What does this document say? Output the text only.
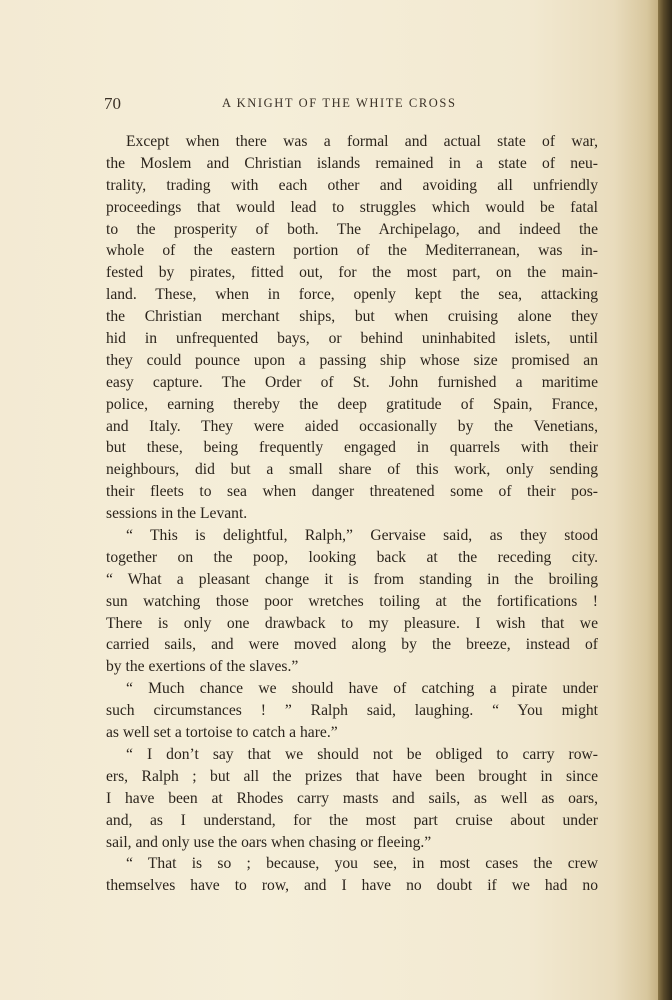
70	A KNIGHT OF THE WHITE CROSS
Except when there was a formal and actual state of war,
the Moslem and Christian islands remained in a state of neu-
trality, trading with each other and avoiding all unfriendly
proceedings that would lead to struggles which would be fatal
to the prosperity of both. The Archipelago, and indeed the
whole of the eastern portion of the Mediterranean, was in-
fested by pirates, fitted out, for the most part, on the main-
land. These, when in force, openly kept the sea, attacking
the Christian merchant ships, but when cruising alone they
hid in unfrequented bays, or behind uninhabited islets, until
they could pounce upon a passing ship whose size promised an
easy capture. The Order of St. John furnished a maritime
police, earning thereby the deep gratitude of Spain, France,
and Italy. They were aided occasionally by the Venetians,
but these, being frequently engaged in quarrels with their
neighbours, did but a small share of this work, only sending
their fleets to sea when danger threatened some of their pos-
sessions in the Levant.
“ This is delightful, Ralph,” Gervaise said, as they stood
together on the poop, looking back at the receding city.
“ What a pleasant change it is from standing in the broiling
sun watching those poor wretches toiling at the fortifications !
There is only one drawback to my pleasure. I wish that we
carried sails, and were moved along by the breeze, instead of
by the exertions of the slaves.”
“ Much chance we should have of catching a pirate under
such circumstances ! ” Ralph said, laughing. “ You might
as well set a tortoise to catch a hare.”
“ I don’t say that we should not be obliged to carry row-
ers, Ralph ; but all the prizes that have been brought in since
I have been at Rhodes carry masts and sails, as well as oars,
and, as I understand, for the most part cruise about under
sail, and only use the oars when chasing or fleeing.”
“ That is so ; because, you see, in most cases the crew
themselves have to row, and I have no doubt if we had no
